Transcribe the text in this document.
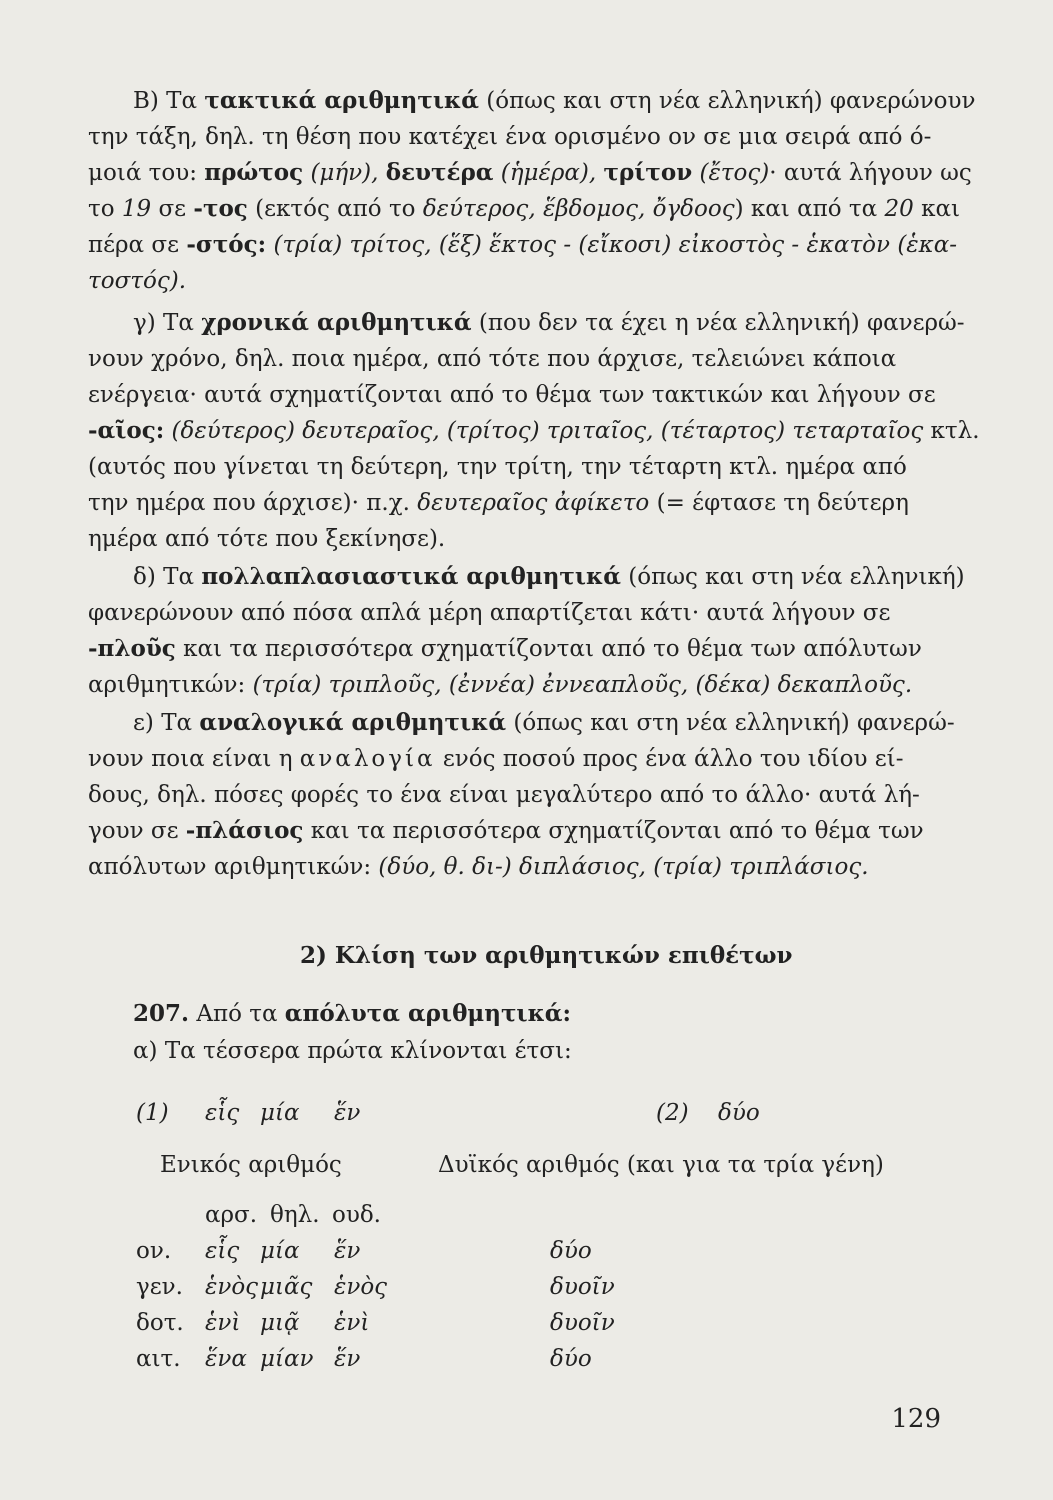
Β) Τα τακτικά αριθμητικά (όπως και στη νέα ελληνική) φανερώνουν
την τάξη, δηλ. τη θέση που κατέχει ένα ορισμένο ον σε μια σειρά από ό-
μοιά του: πρώτος (μήν), δευτέρα (ἡμέρα), τρίτον (ἔτος)· αυτά λήγουν ως
το 19 σε -τος (εκτός από το δεύτερος, ἕβδομος, ὄγδοος) και από τα 20 και
πέρα σε -στός: (τρία) τρίτος, (ἕξ) ἕκτος - (εἴκοσι) εἰκοστὸς - ἑκατὸν (ἑκα-
τοστός).
γ) Τα χρονικά αριθμητικά (που δεν τα έχει η νέα ελληνική) φανερώ-
νουν χρόνο, δηλ. ποια ημέρα, από τότε που άρχισε, τελειώνει κάποια
ενέργεια· αυτά σχηματίζονται από το θέμα των τακτικών και λήγουν σε
-αῖος: (δεύτερος) δευτεραῖος, (τρίτος) τριταῖος, (τέταρτος) τεταρταῖος κτλ.
(αυτός που γίνεται τη δεύτερη, την τρίτη, την τέταρτη κτλ. ημέρα από
την ημέρα που άρχισε)· π.χ. δευτεραῖος ἀφίκετο (= έφτασε τη δεύτερη
ημέρα από τότε που ξεκίνησε).
δ) Τα πολλαπλασιαστικά αριθμητικά (όπως και στη νέα ελληνική)
φανερώνουν από πόσα απλά μέρη απαρτίζεται κάτι· αυτά λήγουν σε
-πλοῦς και τα περισσότερα σχηματίζονται από το θέμα των απόλυτων
αριθμητικών: (τρία) τριπλοῦς, (ἐννέα) ἐννεαπλοῦς, (δέκα) δεκαπλοῦς.
ε) Τα αναλογικά αριθμητικά (όπως και στη νέα ελληνική) φανερώ-
νουν ποια είναι η αναλογία ενός ποσού προς ένα άλλο του ιδίου εί-
δους, δηλ. πόσες φορές το ένα είναι μεγαλύτερο από το άλλο· αυτά λή-
γουν σε -πλάσιος και τα περισσότερα σχηματίζονται από το θέμα των
απόλυτων αριθμητικών: (δύο, θ. δι-) διπλάσιος, (τρία) τριπλάσιος.
2) Κλίση των αριθμητικών επιθέτων
207. Από τα απόλυτα αριθμητικά:
α) Τα τέσσερα πρώτα κλίνονται έτσι:
(1) εἷς μία ἕν	(2) δύο
Ενικός αριθμός	Δυϊκός αριθμός (και για τα τρία γένη)
αρσ. θηλ. ουδ.
ον. εἷς μία ἕν	δύο
γεν. ἑνὸς μιᾶς ἑνὸς	δυοῖν
δοτ. ἑνὶ μιᾷ ἑνὶ	δυοῖν
αιτ. ἕνα μίαν ἕν	δύο
129
